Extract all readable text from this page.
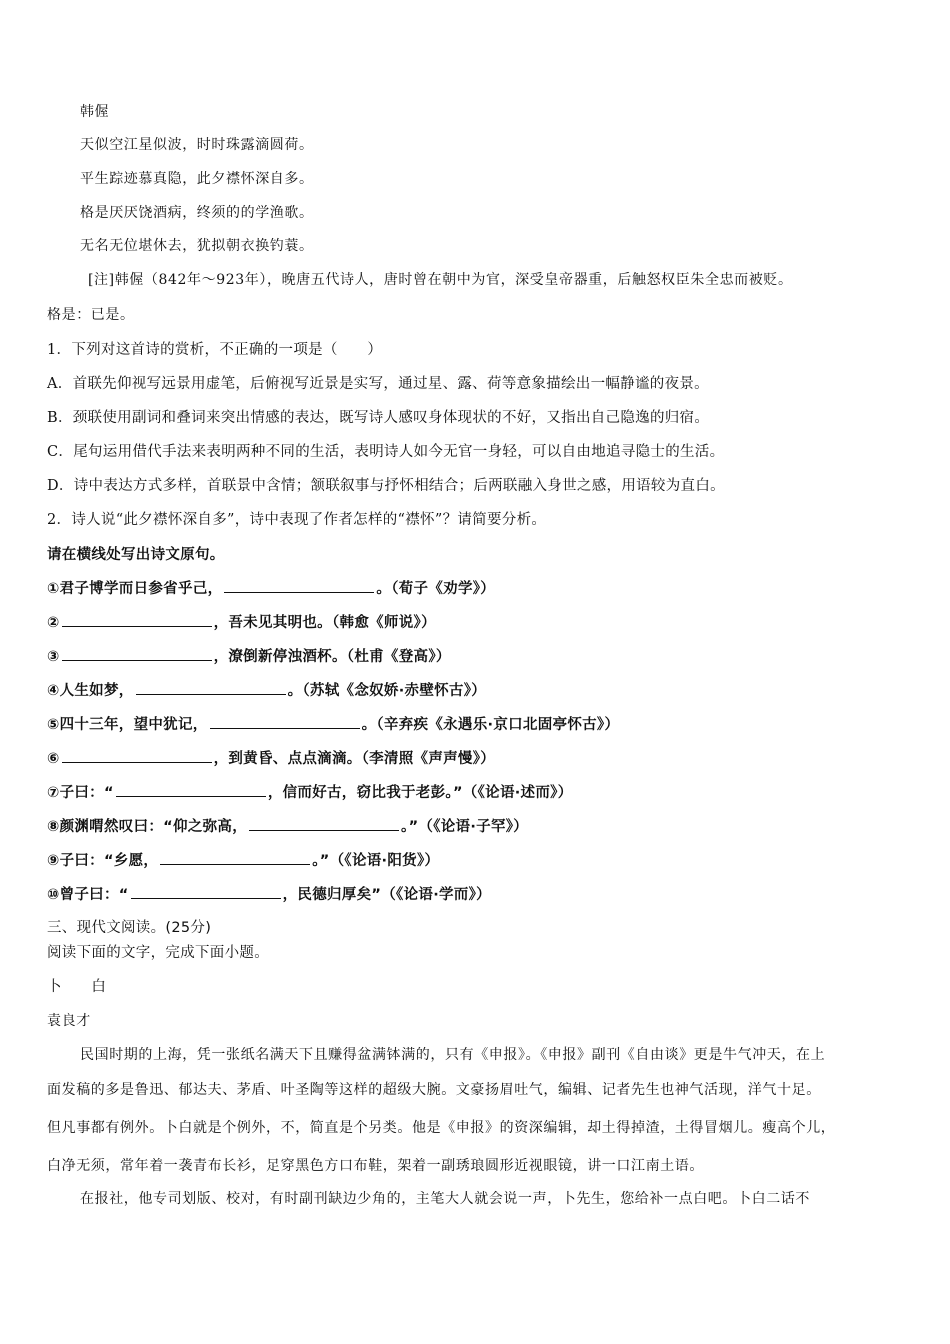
韩偓
天似空江星似波，时时珠露滴圆荷。
平生踪迹慕真隐，此夕襟怀深自多。
格是厌厌饶酒病，终须的的学渔歌。
无名无位堪休去，犹拟朝衣换钓蓑。
[注]韩偓（842年～923年），晚唐五代诗人，唐时曾在朝中为官，深受皇帝器重，后触怒权臣朱全忠而被贬。
格是：已是。
1．下列对这首诗的赏析，不正确的一项是（　　）
A．首联先仰视写远景用虚笔，后俯视写近景是实写，通过星、露、荷等意象描绘出一幅静谧的夜景。
B．颈联使用副词和叠词来突出情感的表达，既写诗人感叹身体现状的不好，又指出自己隐逸的归宿。
C．尾句运用借代手法来表明两种不同的生活，表明诗人如今无官一身轻，可以自由地追寻隐士的生活。
D．诗中表达方式多样，首联景中含情；颔联叙事与抒怀相结合；后两联融入身世之感，用语较为直白。
2．诗人说“此夕襟怀深自多”，诗中表现了作者怎样的“襟怀”？请简要分析。
请在横线处写出诗文原句。
①君子博学而日参省乎己，	。（荀子《劝学》）
②	，吾未见其明也。（韩愈《师说》）
③	，潦倒新停浊酒杯。（杜甫《登高》）
④人生如梦，	。（苏轼《念奴娇·赤壁怀古》）
⑤四十三年，望中犹记，	。（辛弃疾《永遇乐·京口北固亭怀古》）
⑥	，到黄昏、点点滴滴。（李清照《声声慢》）
⑦子曰：“	，信而好古，窃比我于老彭。”（《论语·述而》）
⑧颜渊喟然叹曰：“仰之弥高，	。”（《论语·子罕》）
⑨子曰：“乡愿，	。”（《论语·阳货》）
⑩曾子曰：“	，民德归厚矣”（《论语·学而》）
三、现代文阅读。(25分)
阅读下面的文字，完成下面小题。
卜　　白
袁良才
民国时期的上海，凭一张纸名满天下且赚得盆满钵满的，只有《申报》。《申报》副刊《自由谈》更是牛气冲天，在上
面发稿的多是鲁迅、郁达夫、茅盾、叶圣陶等这样的超级大腕。文豪扬眉吐气，编辑、记者先生也神气活现，洋气十足。
但凡事都有例外。卜白就是个例外，不，简直是个另类。他是《申报》的资深编辑，却土得掉渣，土得冒烟儿。瘦高个儿，
白净无须，常年着一袭青布长衫，足穿黑色方口布鞋，架着一副琇琅圆形近视眼镜，讲一口江南土语。
在报社，他专司划版、校对，有时副刊缺边少角的，主笔大人就会说一声，卜先生，您给补一点白吧。卜白二话不
